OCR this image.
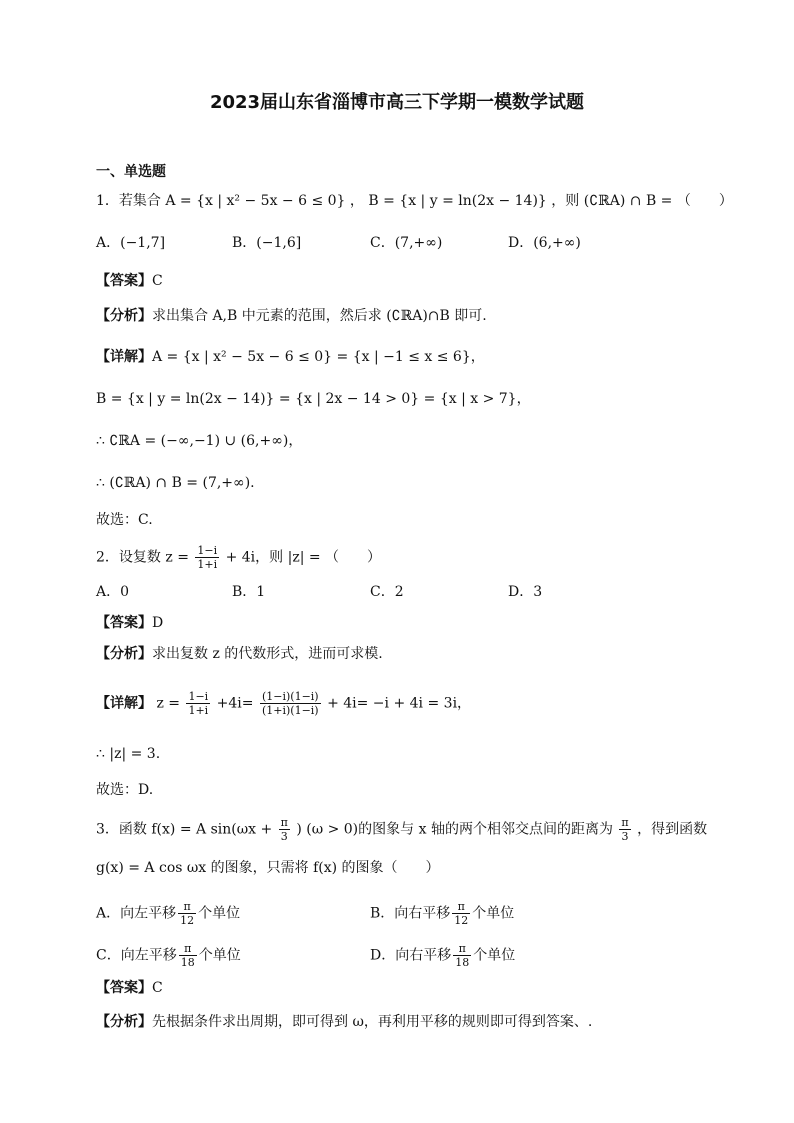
2023届山东省淄博市高三下学期一模数学试题
一、单选题
1．若集合 A = {x | x² − 5x − 6 ≤ 0} ， B = {x | y = ln(2x − 14)} ，则 (∁ℝA) ∩ B = （　　）
A．(−1,7]	B．(−1,6]	C．(7,+∞)	D．(6,+∞)
【答案】C
【分析】求出集合 A,B 中元素的范围，然后求 (∁ℝA)∩B 即可.
【详解】A = {x | x² − 5x − 6 ≤ 0} = {x | −1 ≤ x ≤ 6}，
B = {x | y = ln(2x − 14)} = {x | 2x − 14 > 0} = {x | x > 7}，
∴ ∁ℝA = (−∞,−1) ∪ (6,+∞)，
∴ (∁ℝA) ∩ B = (7,+∞).
故选：C.
2．设复数 $z = \frac{1-i}{1+i} + 4i$，则 |z| = （　　）
A．0	B．1	C．2	D．3
【答案】D
【分析】求出复数 z 的代数形式，进而可求模.
【详解】 $z = \frac{1-i}{1+i} +4i= \frac{(1-i)(1-i)}{(1+i)(1-i)} + 4i= -i + 4i = 3i$，
∴ |z| = 3.
故选：D.
3．函数 f(x) = A $\sin(\omega x + \frac{\pi}{3}$ ) (ω > 0)的图象与 x 轴的两个相邻交点间的距离为 $\frac{\pi}{3}$ ，得到函数
g(x) = A cos ωx 的图象，只需将 f(x) 的图象（　　）
A．向左平移 $\frac{\pi}{12}$ 个单位	B．向右平移 $\frac{\pi}{12}$ 个单位
C．向左平移 $\frac{\pi}{18}$ 个单位	D．向右平移 $\frac{\pi}{18}$ 个单位
【答案】C
【分析】先根据条件求出周期，即可得到 ω，再利用平移的规则即可得到答案、.
